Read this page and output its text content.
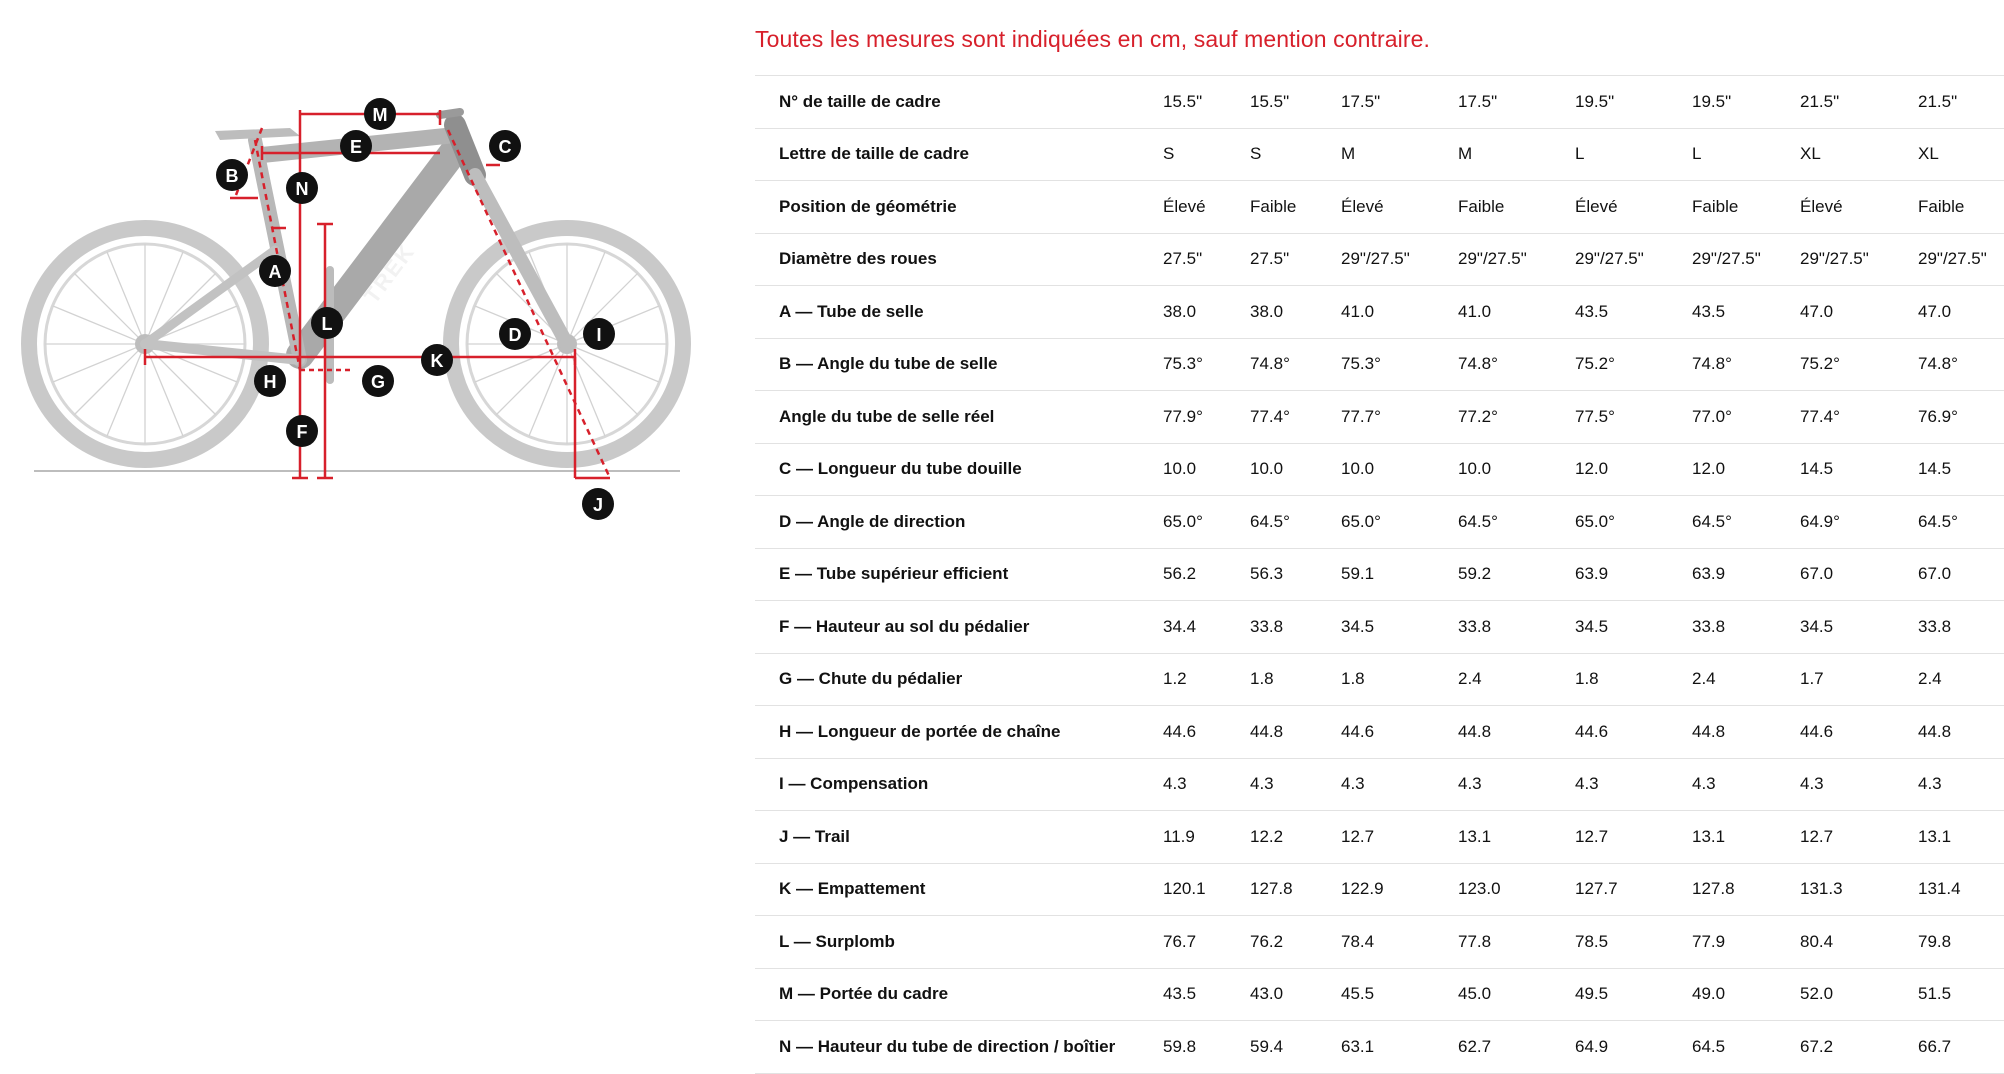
TREK
A
B
C
D
E
F
G
H
I
J
K
L
M
N
Toutes les mesures sont indiquées en cm, sauf mention contraire.
N° de taille de cadre	15.5"	15.5"	17.5"	17.5"	19.5"	19.5"	21.5"	21.5"
Lettre de taille de cadre	S	S	M	M	L	L	XL	XL
Position de géométrie	Élevé	Faible	Élevé	Faible	Élevé	Faible	Élevé	Faible
Diamètre des roues	27.5"	27.5"	29"/27.5"	29"/27.5"	29"/27.5"	29"/27.5"	29"/27.5"	29"/27.5"
A — Tube de selle	38.0	38.0	41.0	41.0	43.5	43.5	47.0	47.0
B — Angle du tube de selle	75.3°	74.8°	75.3°	74.8°	75.2°	74.8°	75.2°	74.8°
Angle du tube de selle réel	77.9°	77.4°	77.7°	77.2°	77.5°	77.0°	77.4°	76.9°
C — Longueur du tube douille	10.0	10.0	10.0	10.0	12.0	12.0	14.5	14.5
D — Angle de direction	65.0°	64.5°	65.0°	64.5°	65.0°	64.5°	64.9°	64.5°
E — Tube supérieur efficient	56.2	56.3	59.1	59.2	63.9	63.9	67.0	67.0
F — Hauteur au sol du pédalier	34.4	33.8	34.5	33.8	34.5	33.8	34.5	33.8
G — Chute du pédalier	1.2	1.8	1.8	2.4	1.8	2.4	1.7	2.4
H — Longueur de portée de chaîne	44.6	44.8	44.6	44.8	44.6	44.8	44.6	44.8
I — Compensation	4.3	4.3	4.3	4.3	4.3	4.3	4.3	4.3
J — Trail	11.9	12.2	12.7	13.1	12.7	13.1	12.7	13.1
K — Empattement	120.1	127.8	122.9	123.0	127.7	127.8	131.3	131.4
L — Surplomb	76.7	76.2	78.4	77.8	78.5	77.9	80.4	79.8
M — Portée du cadre	43.5	43.0	45.5	45.0	49.5	49.0	52.0	51.5
N — Hauteur du tube de direction / boîtier	59.8	59.4	63.1	62.7	64.9	64.5	67.2	66.7
